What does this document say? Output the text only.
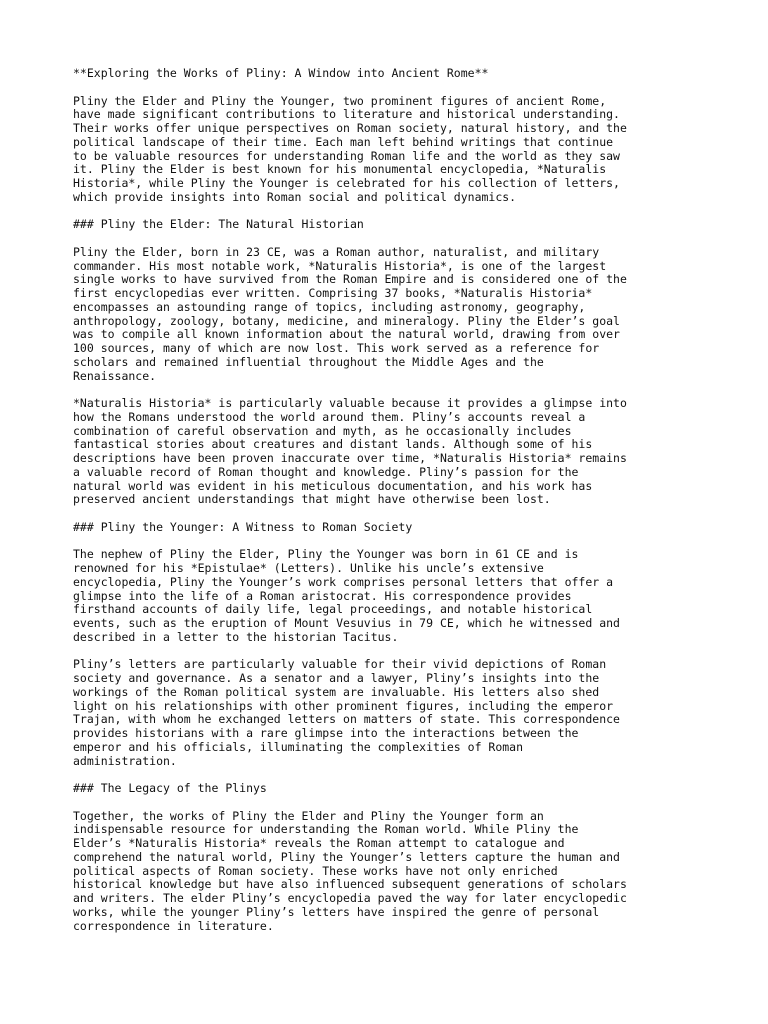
**Exploring the Works of Pliny: A Window into Ancient Rome**

Pliny the Elder and Pliny the Younger, two prominent figures of ancient Rome,
have made significant contributions to literature and historical understanding.
Their works offer unique perspectives on Roman society, natural history, and the
political landscape of their time. Each man left behind writings that continue
to be valuable resources for understanding Roman life and the world as they saw
it. Pliny the Elder is best known for his monumental encyclopedia, *Naturalis
Historia*, while Pliny the Younger is celebrated for his collection of letters,
which provide insights into Roman social and political dynamics.

### Pliny the Elder: The Natural Historian

Pliny the Elder, born in 23 CE, was a Roman author, naturalist, and military
commander. His most notable work, *Naturalis Historia*, is one of the largest
single works to have survived from the Roman Empire and is considered one of the
first encyclopedias ever written. Comprising 37 books, *Naturalis Historia*
encompasses an astounding range of topics, including astronomy, geography,
anthropology, zoology, botany, medicine, and mineralogy. Pliny the Elder’s goal
was to compile all known information about the natural world, drawing from over
100 sources, many of which are now lost. This work served as a reference for
scholars and remained influential throughout the Middle Ages and the
Renaissance.

*Naturalis Historia* is particularly valuable because it provides a glimpse into
how the Romans understood the world around them. Pliny’s accounts reveal a
combination of careful observation and myth, as he occasionally includes
fantastical stories about creatures and distant lands. Although some of his
descriptions have been proven inaccurate over time, *Naturalis Historia* remains
a valuable record of Roman thought and knowledge. Pliny’s passion for the
natural world was evident in his meticulous documentation, and his work has
preserved ancient understandings that might have otherwise been lost.

### Pliny the Younger: A Witness to Roman Society

The nephew of Pliny the Elder, Pliny the Younger was born in 61 CE and is
renowned for his *Epistulae* (Letters). Unlike his uncle’s extensive
encyclopedia, Pliny the Younger’s work comprises personal letters that offer a
glimpse into the life of a Roman aristocrat. His correspondence provides
firsthand accounts of daily life, legal proceedings, and notable historical
events, such as the eruption of Mount Vesuvius in 79 CE, which he witnessed and
described in a letter to the historian Tacitus.

Pliny’s letters are particularly valuable for their vivid depictions of Roman
society and governance. As a senator and a lawyer, Pliny’s insights into the
workings of the Roman political system are invaluable. His letters also shed
light on his relationships with other prominent figures, including the emperor
Trajan, with whom he exchanged letters on matters of state. This correspondence
provides historians with a rare glimpse into the interactions between the
emperor and his officials, illuminating the complexities of Roman
administration.

### The Legacy of the Plinys

Together, the works of Pliny the Elder and Pliny the Younger form an
indispensable resource for understanding the Roman world. While Pliny the
Elder’s *Naturalis Historia* reveals the Roman attempt to catalogue and
comprehend the natural world, Pliny the Younger’s letters capture the human and
political aspects of Roman society. These works have not only enriched
historical knowledge but have also influenced subsequent generations of scholars
and writers. The elder Pliny’s encyclopedia paved the way for later encyclopedic
works, while the younger Pliny’s letters have inspired the genre of personal
correspondence in literature.
